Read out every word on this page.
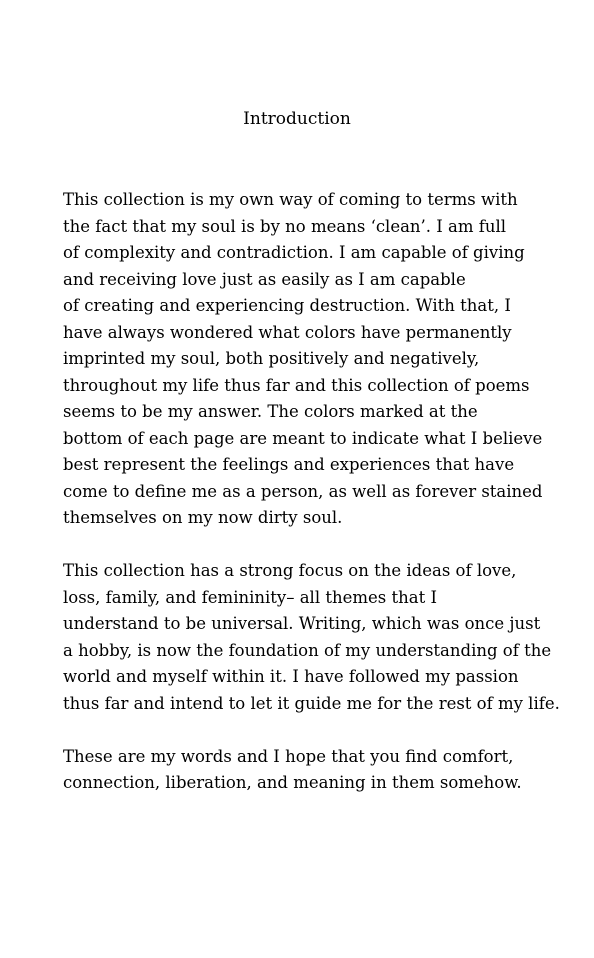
Introduction

This collection is my own way of coming to terms with
the fact that my soul is by no means ‘clean’. I am full
of complexity and contradiction. I am capable of giving
and receiving love just as easily as I am capable
of creating and experiencing destruction. With that, I
have always wondered what colors have permanently
imprinted my soul, both positively and negatively,
throughout my life thus far and this collection of poems
seems to be my answer. The colors marked at the
bottom of each page are meant to indicate what I believe
best represent the feelings and experiences that have
come to define me as a person, as well as forever stained
themselves on my now dirty soul.

This collection has a strong focus on the ideas of love,
loss, family, and femininity– all themes that I
understand to be universal. Writing, which was once just
a hobby, is now the foundation of my understanding of the
world and myself within it. I have followed my passion
thus far and intend to let it guide me for the rest of my life.

These are my words and I hope that you find comfort,
connection, liberation, and meaning in them somehow.
